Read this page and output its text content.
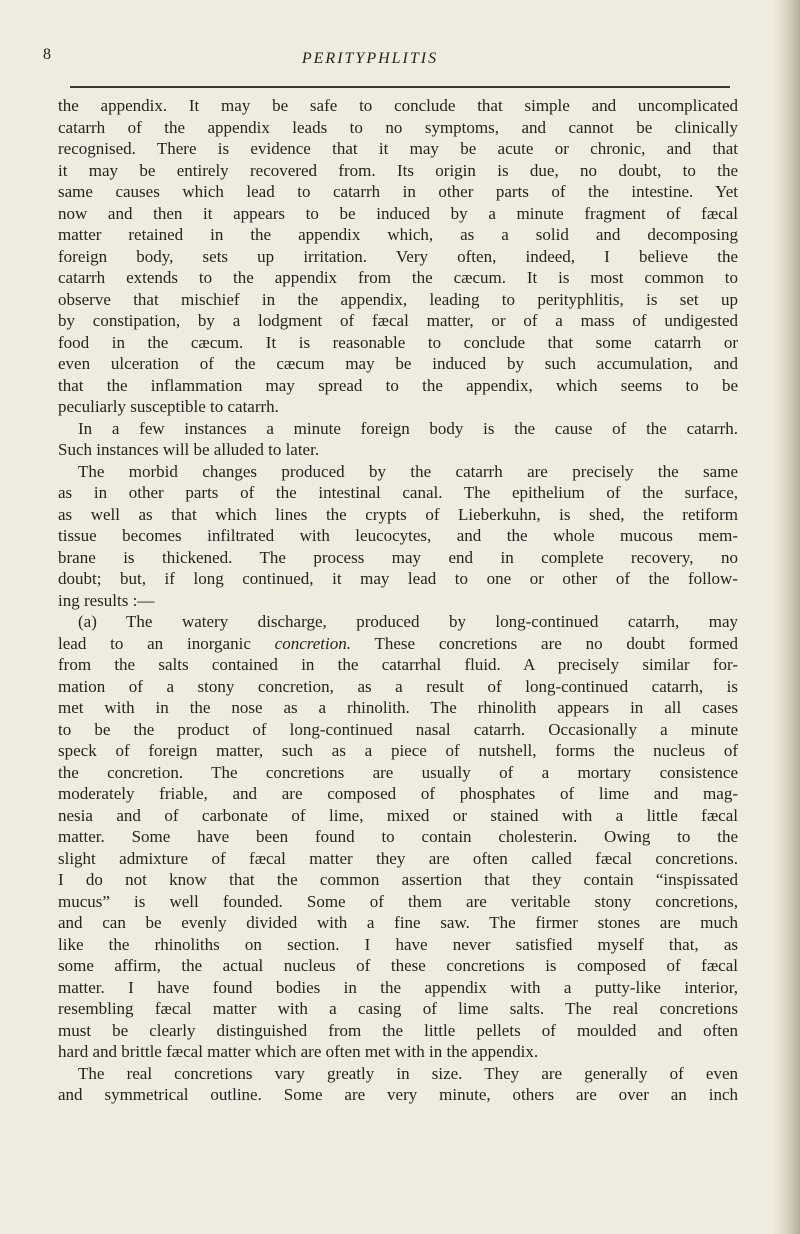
8	PERITYPHLITIS
the appendix. It may be safe to conclude that simple and uncomplicated
catarrh of the appendix leads to no symptoms, and cannot be clinically
recognised. There is evidence that it may be acute or chronic, and that
it may be entirely recovered from. Its origin is due, no doubt, to the
same causes which lead to catarrh in other parts of the intestine. Yet
now and then it appears to be induced by a minute fragment of fæcal
matter retained in the appendix which, as a solid and decomposing
foreign body, sets up irritation. Very often, indeed, I believe the
catarrh extends to the appendix from the cæcum. It is most common to
observe that mischief in the appendix, leading to perityphlitis, is set up
by constipation, by a lodgment of fæcal matter, or of a mass of undigested
food in the cæcum. It is reasonable to conclude that some catarrh or
even ulceration of the cæcum may be induced by such accumulation, and
that the inflammation may spread to the appendix, which seems to be
peculiarly susceptible to catarrh.
In a few instances a minute foreign body is the cause of the catarrh.
Such instances will be alluded to later.
The morbid changes produced by the catarrh are precisely the same
as in other parts of the intestinal canal. The epithelium of the surface,
as well as that which lines the crypts of Lieberkuhn, is shed, the retiform
tissue becomes infiltrated with leucocytes, and the whole mucous mem-
brane is thickened. The process may end in complete recovery, no
doubt; but, if long continued, it may lead to one or other of the follow-
ing results :—
(a) The watery discharge, produced by long-continued catarrh, may
lead to an inorganic concretion. These concretions are no doubt formed
from the salts contained in the catarrhal fluid. A precisely similar for-
mation of a stony concretion, as a result of long-continued catarrh, is
met with in the nose as a rhinolith. The rhinolith appears in all cases
to be the product of long-continued nasal catarrh. Occasionally a minute
speck of foreign matter, such as a piece of nutshell, forms the nucleus of
the concretion. The concretions are usually of a mortary consistence
moderately friable, and are composed of phosphates of lime and mag-
nesia and of carbonate of lime, mixed or stained with a little fæcal
matter. Some have been found to contain cholesterin. Owing to the
slight admixture of fæcal matter they are often called fæcal concretions.
I do not know that the common assertion that they contain “inspissated
mucus” is well founded. Some of them are veritable stony concretions,
and can be evenly divided with a fine saw. The firmer stones are much
like the rhinoliths on section. I have never satisfied myself that, as
some affirm, the actual nucleus of these concretions is composed of fæcal
matter. I have found bodies in the appendix with a putty-like interior,
resembling fæcal matter with a casing of lime salts. The real concretions
must be clearly distinguished from the little pellets of moulded and often
hard and brittle fæcal matter which are often met with in the appendix.
The real concretions vary greatly in size. They are generally of even
and symmetrical outline. Some are very minute, others are over an inch
